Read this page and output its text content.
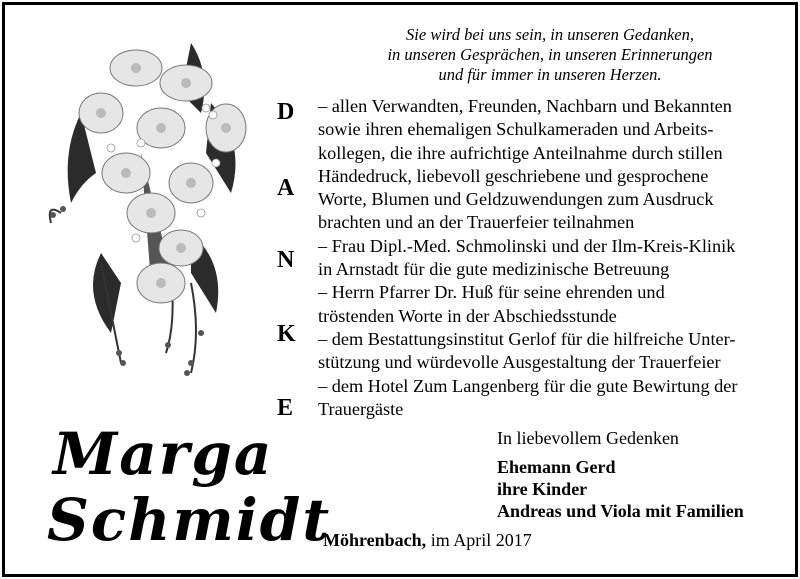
Marga
Schmidt
Sie wird bei uns sein, in unseren Gedanken,
in unseren Gesprächen, in unseren Erinnerungen
und für immer in unseren Herzen.
D
A
N
K
E
– allen Verwandten, Freunden, Nachbarn und Bekannten
sowie ihren ehemaligen Schulkameraden und Arbeits-
kollegen, die ihre aufrichtige Anteilnahme durch stillen
Händedruck, liebevoll geschriebene und gesprochene
Worte, Blumen und Geldzuwendungen zum Ausdruck
brachten und an der Trauerfeier teilnahmen
– Frau Dipl.-Med. Schmolinski und der Ilm-Kreis-Klinik
in Arnstadt für die gute medizinische Betreuung
– Herrn Pfarrer Dr. Huß für seine ehrenden und
tröstenden Worte in der Abschiedsstunde
– dem Bestattungsinstitut Gerlof für die hilfreiche Unter-
stützung und würdevolle Ausgestaltung der Trauerfeier
– dem Hotel Zum Langenberg für die gute Bewirtung der
Trauergäste
In liebevollem Gedenken
Ehemann Gerd
ihre Kinder
Andreas und Viola mit Familien
Möhrenbach, im April 2017
